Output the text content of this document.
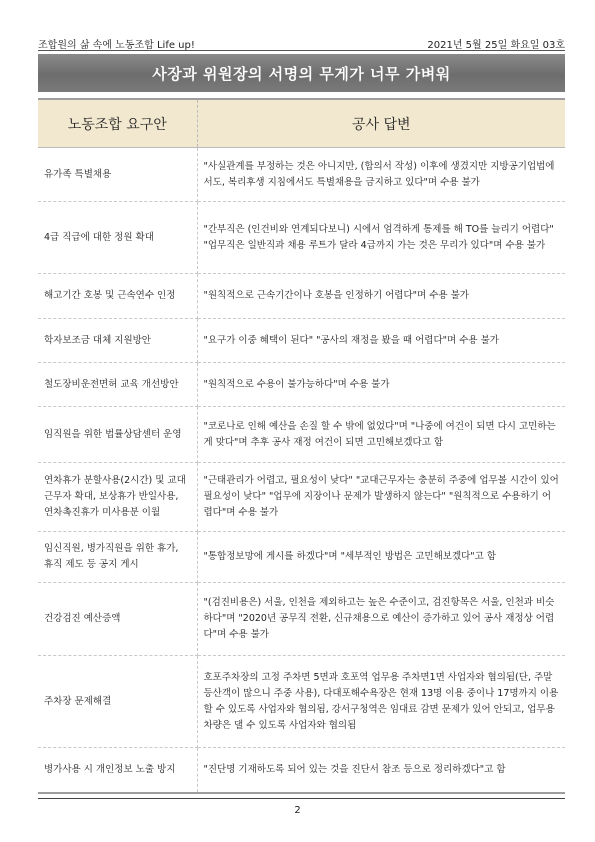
조합원의 삶 속에 노동조합 Life up!	2021년 5월 25일 화요일 03호
사장과 위원장의 서명의 무게가 너무 가벼워
노동조합 요구안	공사 답변
유가족 특별채용	"사실관계를 부정하는 것은 아니지만, (합의서 작성) 이후에 생겼지만 지방공기업법에서도, 복리후생 지침에서도 특별채용을 금지하고 있다"며 수용 불가
4급 직급에 대한 정원 확대	"간부직은 (인건비와 연계되다보니) 시에서 엄격하게 통제를 해 TO를 늘리기 어렵다" "업무직은 일반직과 채용 루트가 달라 4급까지 가는 것은 무리가 있다"며 수용 불가
해고기간 호봉 및 근속연수 인정	"원칙적으로 근속기간이나 호봉을 인정하기 어렵다"며 수용 불가
학자보조금 대체 지원방안	"요구가 이중 혜택이 된다" "공사의 재정을 봤을 때 어렵다"며 수용 불가
철도장비운전면허 교육 개선방안	"원칙적으로 수용이 불가능하다"며 수용 불가
임직원을 위한 법률상담센터 운영	"코로나로 인해 예산을 손질 할 수 밖에 없었다"며 "나중에 여건이 되면 다시 고민하는 게 맞다"며 추후 공사 재정 여건이 되면 고민해보겠다고 함
연차휴가 분할사용(2시간) 및 교대근무자 확대, 보상휴가 반일사용, 연차촉진휴가 미사용분 이월	"근태관리가 어렵고, 필요성이 낮다" "교대근무자는 충분히 주중에 업무볼 시간이 있어 필요성이 낮다" "업무에 지장이나 문제가 발생하지 않는다" "원칙적으로 수용하기 어렵다"며 수용 불가
임신직원, 병가직원을 위한 휴가, 휴직 제도 등 공지 게시	"통합정보망에 게시를 하겠다"며 "세부적인 방법은 고민해보겠다"고 함
건강검진 예산증액	"(검진비용은) 서울, 인천을 제외하고는 높은 수준이고, 검진항목은 서울, 인천과 비슷하다"며 "2020년 공무직 전환, 신규채용으로 예산이 증가하고 있어 공사 재정상 어렵다"며 수용 불가
주차장 문제해결	호포주차장의 고정 주차면 5면과 호포역 업무용 주차면1면 사업자와 협의됨(단, 주말 등산객이 많으니 주중 사용), 다대포해수욕장은 현재 13명 이용 중이나 17명까지 이용할 수 있도록 사업자와 협의됨, 강서구청역은 임대료 감면 문제가 있어 안되고, 업무용 차량은 댈 수 있도록 사업자와 협의됨
병가사용 시 개인정보 노출 방지	"진단명 기재하도록 되어 있는 것을 진단서 참조 등으로 정리하겠다"고 함
2
